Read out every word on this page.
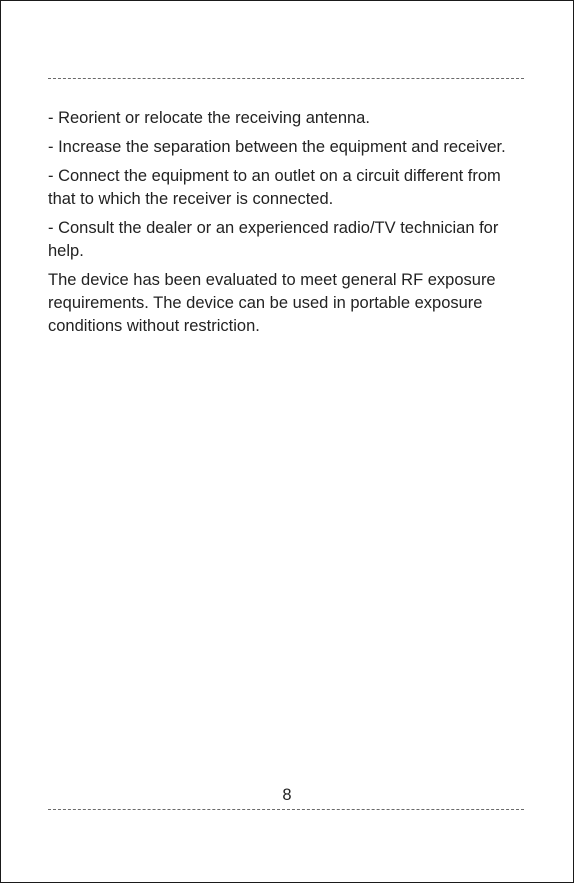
- Reorient or relocate the receiving antenna.

- Increase the separation between the equipment and receiver.

- Connect the equipment to an outlet on a circuit different from that to which the receiver is connected.

- Consult the dealer or an experienced radio/TV technician for help.

The device has been evaluated to meet general RF exposure requirements. The device can be used in portable exposure conditions without restriction.

8
